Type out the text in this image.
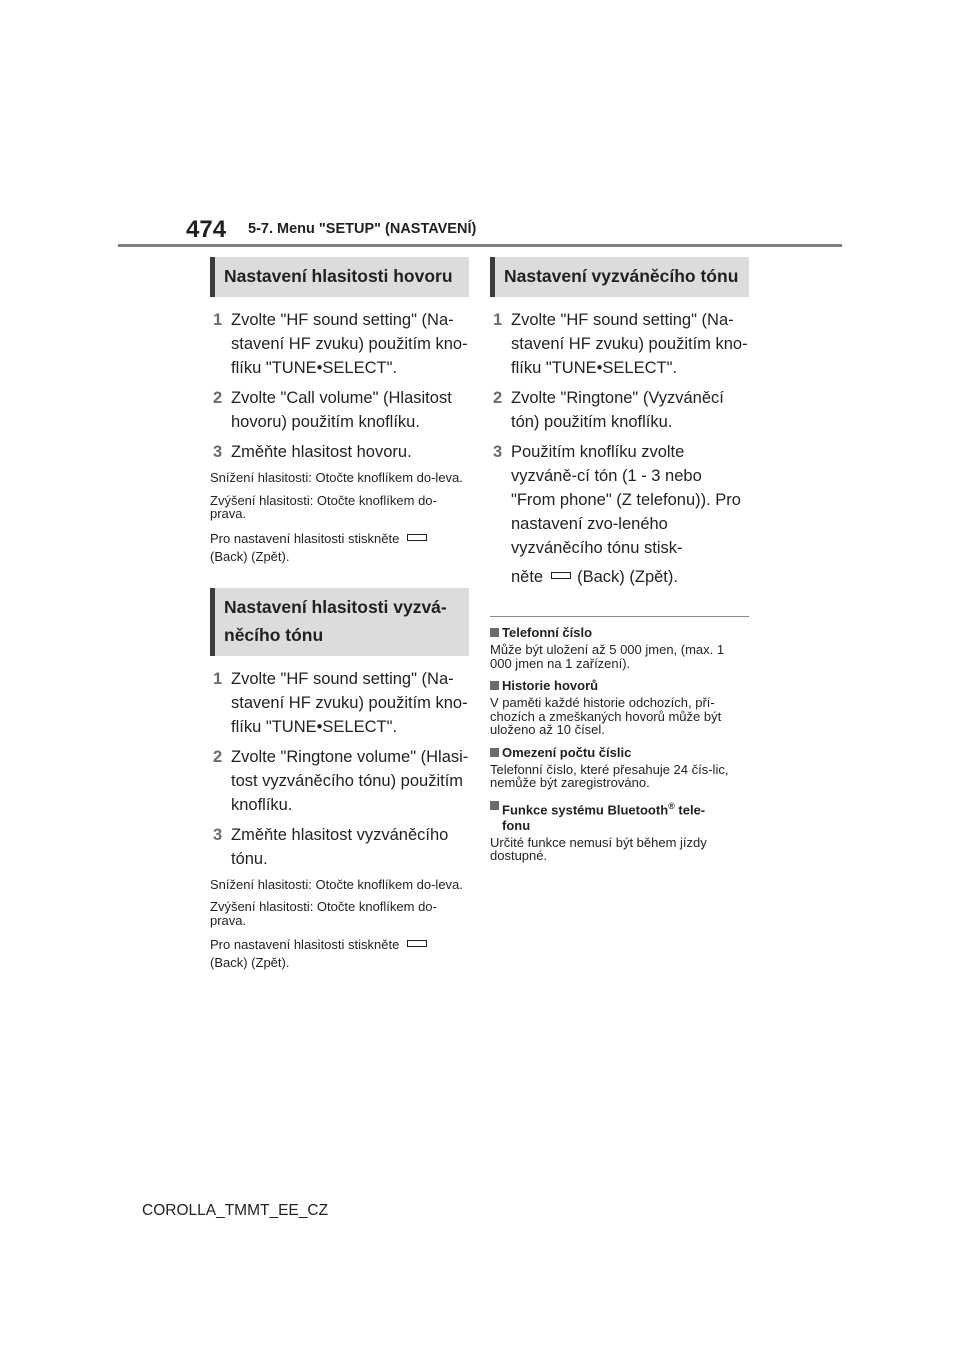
474 5-7. Menu "SETUP" (NASTAVENÍ)
Nastavení hlasitosti hovoru
1 Zvolte "HF sound setting" (Na-stavení HF zvuku) použitím kno-flíku "TUNE•SELECT".
2 Zvolte "Call volume" (Hlasitost hovoru) použitím knoflíku.
3 Změňte hlasitost hovoru.

Snížení hlasitosti: Otočte knoflíkem do-leva.

Zvýšení hlasitosti: Otočte knoflíkem do-prava.

Pro nastavení hlasitosti stiskněte
(Back) (Zpět).

Nastavení hlasitosti vyzvá-něcího tónu
1 Zvolte "HF sound setting" (Na-stavení HF zvuku) použitím kno-flíku "TUNE•SELECT".
2 Zvolte "Ringtone volume" (Hlasi-tost vyzváněcího tónu) použitím knoflíku.
3 Změňte hlasitost vyzváněcího tónu.

Snížení hlasitosti: Otočte knoflíkem do-leva.

Zvýšení hlasitosti: Otočte knoflíkem do-prava.

Pro nastavení hlasitosti stiskněte
(Back) (Zpět).

Nastavení vyzváněcího tónu
1 Zvolte "HF sound setting" (Na-stavení HF zvuku) použitím kno-flíku "TUNE•SELECT".
2 Zvolte "Ringtone" (Vyzváněcí tón) použitím knoflíku.
3 Použitím knoflíku zvolte vyzváně-cí tón (1 - 3 nebo "From phone" (Z telefonu)). Pro nastavení zvo-leného vyzváněcího tónu stisk-
něte (Back) (Zpět).
Telefonní číslo
Může být uložení až 5 000 jmen, (max. 1 000 jmen na 1 zařízení).
Historie hovorů
V paměti každé historie odchozích, pří-chozích a zmeškaných hovorů může být uloženo až 10 čísel.
Omezení počtu číslic
Telefonní číslo, které přesahuje 24 čís-lic, nemůže být zaregistrováno.
Funkce systému Bluetooth® tele-fonu
Určité funkce nemusí být během jízdy dostupné.
COROLLA_TMMT_EE_CZ
